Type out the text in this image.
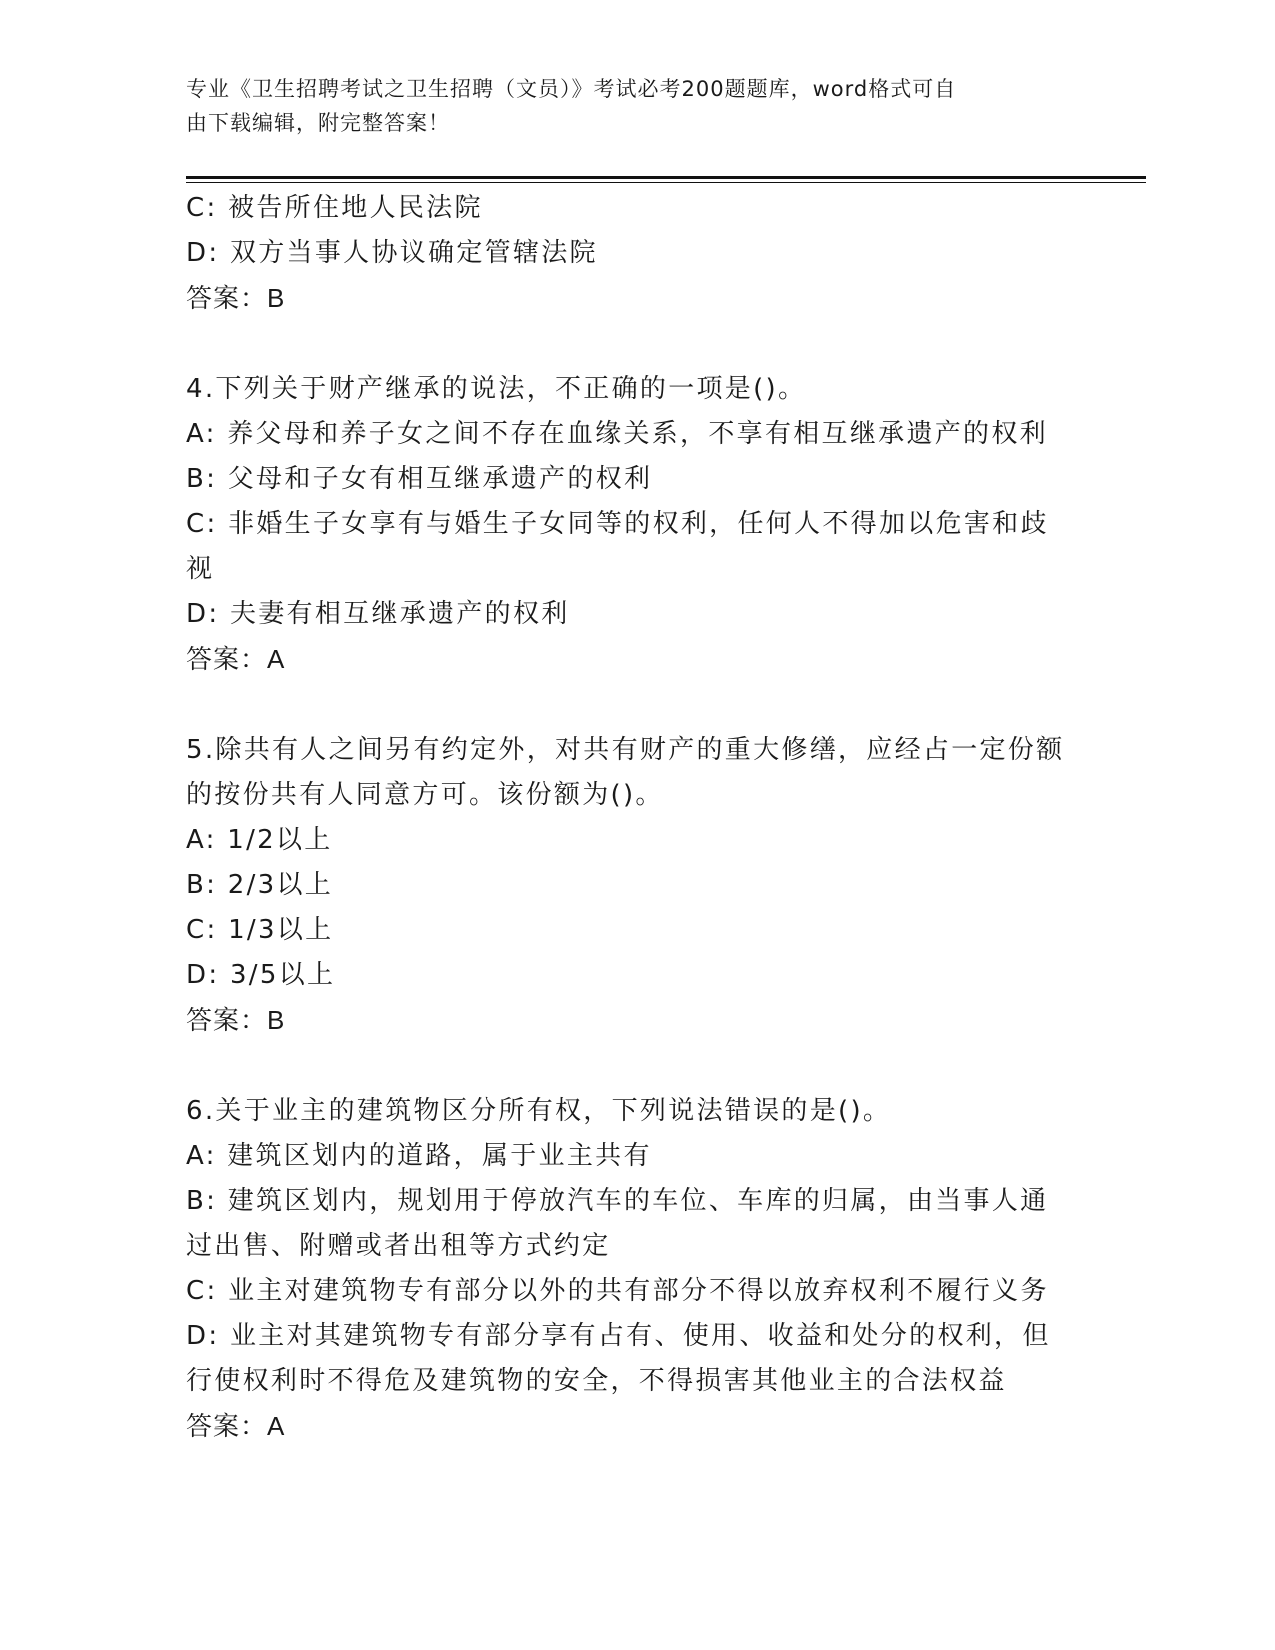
专业《卫生招聘考试之卫生招聘（文员）》考试必考200题题库，word格式可自
由下载编辑，附完整答案！

C: 被告所住地人民法院

D: 双方当事人协议确定管辖法院

答案：B

4.下列关于财产继承的说法，不正确的一项是()。

A: 养父母和养子女之间不存在血缘关系，不享有相互继承遗产的权利

B: 父母和子女有相互继承遗产的权利

C: 非婚生子女享有与婚生子女同等的权利，任何人不得加以危害和歧视

D: 夫妻有相互继承遗产的权利

答案：A

5.除共有人之间另有约定外，对共有财产的重大修缮，应经占一定份额的按份共有人同意方可。该份额为()。

A: 1/2以上

B: 2/3以上

C: 1/3以上

D: 3/5以上

答案：B

6.关于业主的建筑物区分所有权，下列说法错误的是()。

A: 建筑区划内的道路，属于业主共有

B: 建筑区划内，规划用于停放汽车的车位、车库的归属，由当事人通过出售、附赠或者出租等方式约定

C: 业主对建筑物专有部分以外的共有部分不得以放弃权利不履行义务

D: 业主对其建筑物专有部分享有占有、使用、收益和处分的权利，但行使权利时不得危及建筑物的安全，不得损害其他业主的合法权益

答案：A
